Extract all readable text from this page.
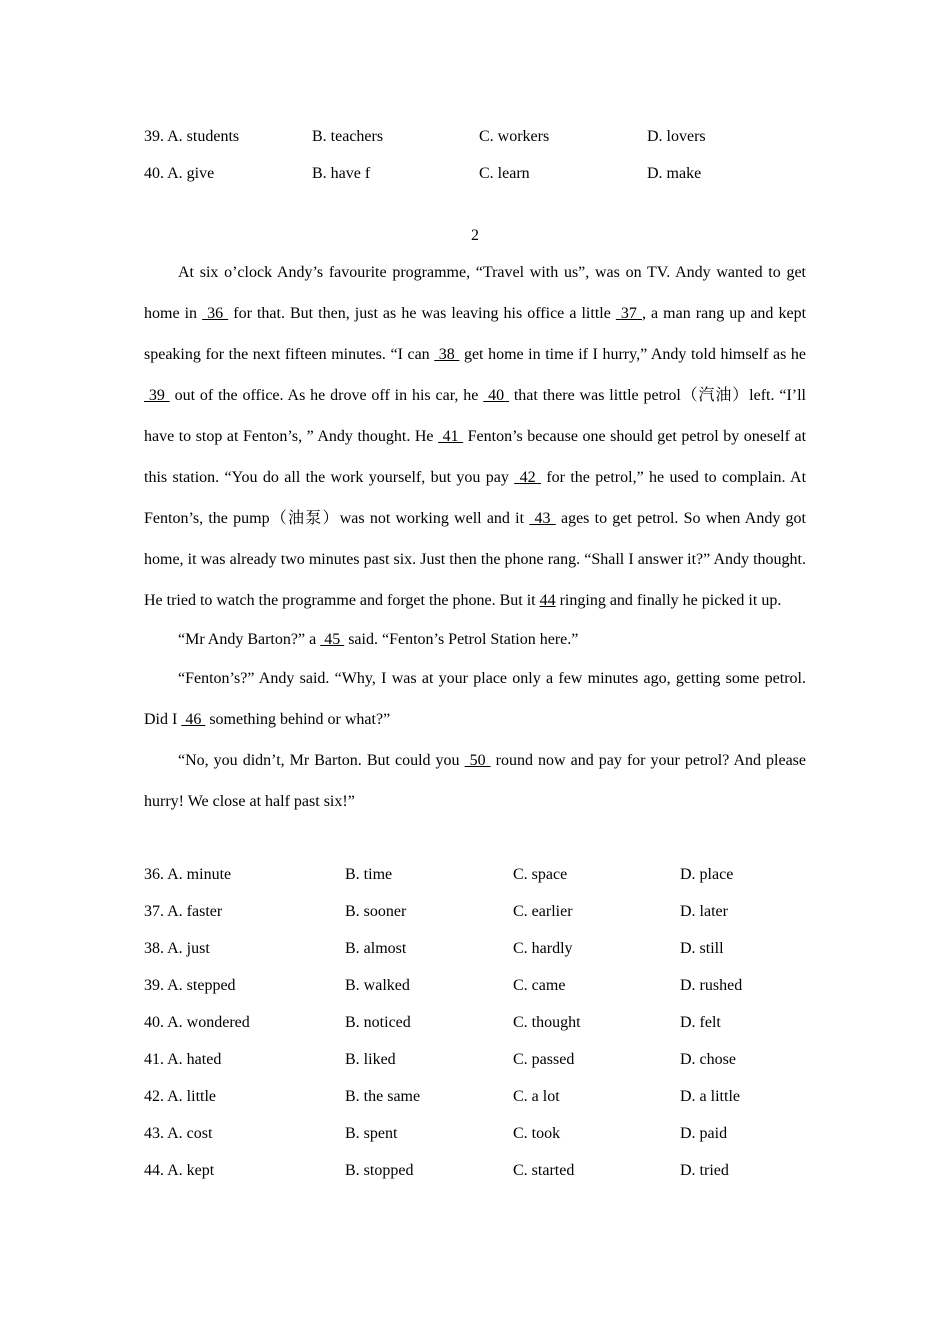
39. A. students	B. teachers	C. workers	D. lovers
40. A. give	B. have f	C. learn	D. make
2

At six o’clock Andy’s favourite programme, “Travel with us”, was on TV. Andy wanted to get home in  36  for that. But then, just as he was leaving his office a little  37 , a man rang up and kept speaking for the next fifteen minutes. “I can  38  get home in time if I hurry,” Andy told himself as he  39  out of the office. As he drove off in his car, he  40  that there was little petrol（汽油）left. “I’ll have to stop at Fenton’s, ” Andy thought. He  41  Fenton’s because one should get petrol by oneself at this station. “You do all the work yourself, but you pay  42  for the petrol,” he used to complain. At Fenton’s, the pump（油泵）was not working well and it  43  ages to get petrol. So when Andy got home, it was already two minutes past six. Just then the phone rang. “Shall I answer it?” Andy thought. He tried to watch the programme and forget the phone. But it 44 ringing and finally he picked it up.

“Mr Andy Barton?” a  45  said. “Fenton’s Petrol Station here.”

“Fenton’s?” Andy said. “Why, I was at your place only a few minutes ago, getting some petrol. Did I  46  something behind or what?”

“No, you didn’t, Mr Barton. But could you  50  round now and pay for your petrol? And please hurry! We close at half past six!”

36. A. minute	B. time	C. space	D. place
37. A. faster	B. sooner	C. earlier	D. later
38. A. just	B. almost	C. hardly	D. still
39. A. stepped	B. walked	C. came	D. rushed
40. A. wondered	B. noticed	C. thought	D. felt
41. A. hated	B. liked	C. passed	D. chose
42. A. little	B. the same	C. a lot	D. a little
43. A. cost	B. spent	C. took	D. paid
44. A. kept	B. stopped	C. started	D. tried
